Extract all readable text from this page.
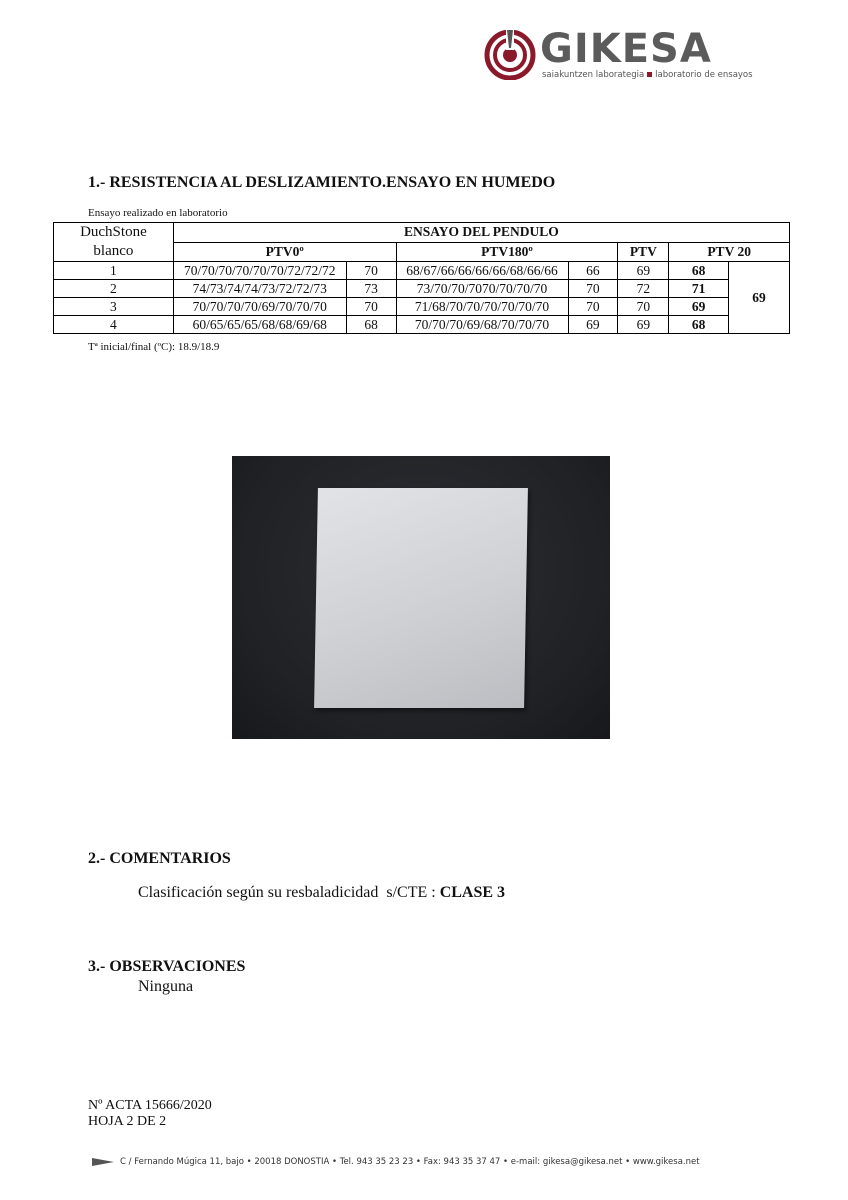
GIKESA
saiakuntzen laborategia laboratorio de ensayos
1.- RESISTENCIA AL DESLIZAMIENTO.ENSAYO EN HUMEDO
Ensayo realizado en laboratorio
DuchStone
blanco	ENSAYO DEL PENDULO						
	PTV0º		PTV180º		PTV	PTV 20	
1	70/70/70/70/70/70/72/72/72	70	68/67/66/66/66/66/68/66/66	66	69	68	69
2	74/73/74/74/73/72/72/73	73	73/70/70/7070/70/70/70	70	72	71	
3	70/70/70/70/69/70/70/70	70	71/68/70/70/70/70/70/70	70	70	69	
4	60/65/65/65/68/68/69/68	68	70/70/70/69/68/70/70/70	69	69	68	
Tª inicial/final (ºC): 18.9/18.9
2.- COMENTARIOS
Clasificación según su resbaladicidad  s/CTE : CLASE 3
3.- OBSERVACIONES
Ninguna
Nº ACTA 15666/2020
HOJA 2 DE 2
C / Fernando Múgica 11, bajo • 20018 DONOSTIA • Tel. 943 35 23 23 • Fax: 943 35 37 47 • e-mail: gikesa@gikesa.net • www.gikesa.net
